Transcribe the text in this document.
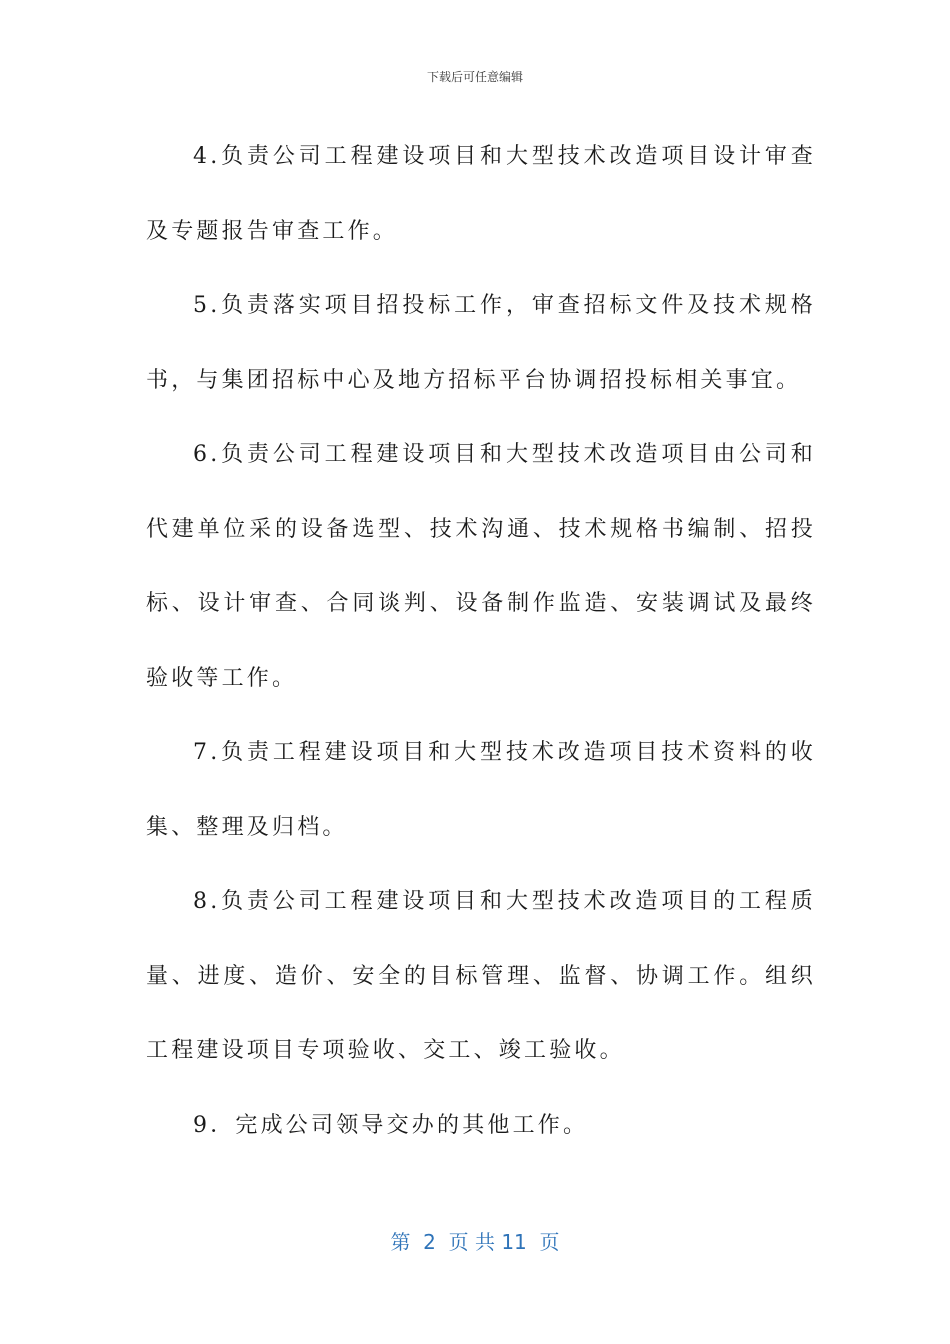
下载后可任意编辑

4.负责公司工程建设项目和大型技术改造项目设计审查及专题报告审查工作。

5.负责落实项目招投标工作，审查招标文件及技术规格书，与集团招标中心及地方招标平台协调招投标相关事宜。

6.负责公司工程建设项目和大型技术改造项目由公司和代建单位采的设备选型、技术沟通、技术规格书编制、招投标、设计审查、合同谈判、设备制作监造、安装调试及最终验收等工作。

7.负责工程建设项目和大型技术改造项目技术资料的收集、整理及归档。

8.负责公司工程建设项目和大型技术改造项目的工程质量、进度、造价、安全的目标管理、监督、协调工作。组织工程建设项目专项验收、交工、竣工验收。

9．完成公司领导交办的其他工作。

第  2  页 共 11  页
